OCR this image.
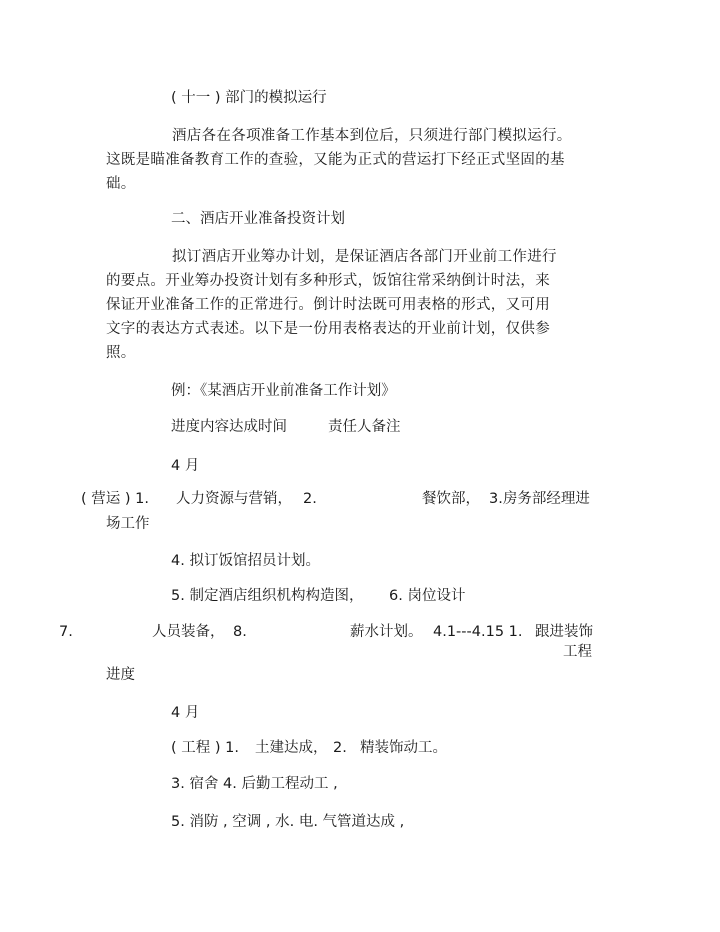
( 十一 ) 部门的模拟运行
酒店各在各项准备工作基本到位后，只须进行部门模拟运行。
这既是瞄准备教育工作的查验，又能为正式的营运打下经正式坚固的基
础。
二、酒店开业准备投资计划
拟订酒店开业筹办计划，是保证酒店各部门开业前工作进行
的要点。开业筹办投资计划有多种形式，饭馆往常采纳倒计时法，来
保证开业准备工作的正常进行。倒计时法既可用表格的形式，又可用
文字的表达方式表述。以下是一份用表格表达的开业前计划，仅供参
照。
例：《某酒店开业前准备工作计划》
进度内容达成时间	责任人备注
4 月
( 营运 ) 1. 人力资源与营销， 2.	餐饮部， 3.房务部经理进
场工作
4. 拟订饭馆招员计划。
5. 制定酒店组织机构构造图， 6. 岗位设计
7.	人员装备， 8.	薪水计划。 4.1---4.15 1. 跟进装饰
工程
进度
4 月
( 工程 ) 1. 土建达成， 2. 精装饰动工。
3. 宿舍 4. 后勤工程动工 ,
5. 消防 , 空调 , 水. 电. 气管道达成 ,
